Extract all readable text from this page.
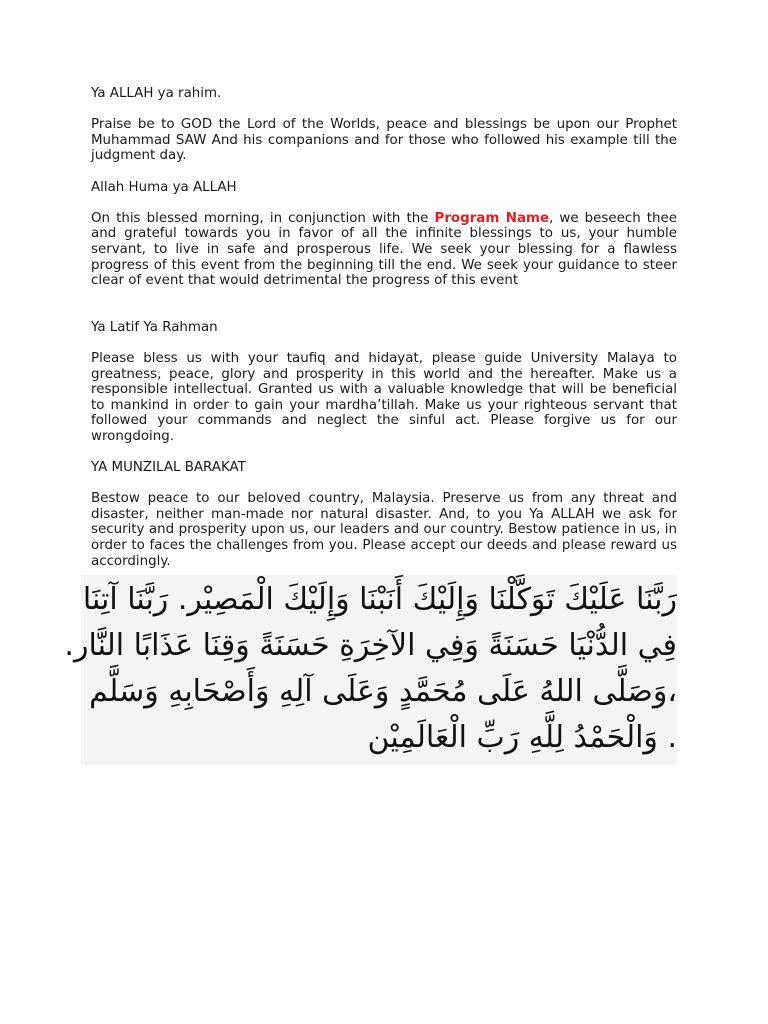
Ya ALLAH ya rahim.

Praise be to GOD the Lord of the Worlds, peace and blessings be upon our Prophet Muhammad SAW And his companions and for those who followed his example till the judgment day.

Allah Huma ya ALLAH

On this blessed morning, in conjunction with the Program Name, we beseech thee and grateful towards you in favor of all the infinite blessings to us, your humble servant, to live in safe and prosperous life. We seek your blessing for a flawless progress of this event from the beginning till the end. We seek your guidance to steer clear of event that would detrimental the progress of this event

Ya Latif Ya Rahman

Please bless us with your taufiq and hidayat, please guide University Malaya to greatness, peace, glory and prosperity in this world and the hereafter. Make us a responsible intellectual. Granted us with a valuable knowledge that will be beneficial to mankind in order to gain your mardha’tillah. Make us your righteous servant that followed your commands and neglect the sinful act. Please forgive us for our wrongdoing.

YA MUNZILAL BARAKAT

Bestow peace to our beloved country, Malaysia. Preserve us from any threat and disaster, neither man-made nor natural disaster. And, to you Ya ALLAH we ask for security and prosperity upon us, our leaders and our country. Bestow patience in us, in order to faces the challenges from you. Please accept our deeds and please reward us accordingly.

رَبَّنَا عَلَيْكَ تَوَكَّلْنَا وَإِلَيْكَ أَنَبْنَا وَإِلَيْكَ الْمَصِيْر. رَبَّنَا آتِنَا
فِي الدُّنْيَا حَسَنَةً وَفِي الآخِرَةِ حَسَنَةً وَقِنَا عَذَابًا النَّار.
،وَصَلَّى اللهُ عَلَى مُحَمَّدٍ وَعَلَى آلِهِ وَأَصْحَابِهِ وَسَلَّم
. وَالْحَمْدُ لِلَّهِ رَبِّ الْعَالَمِيْن
